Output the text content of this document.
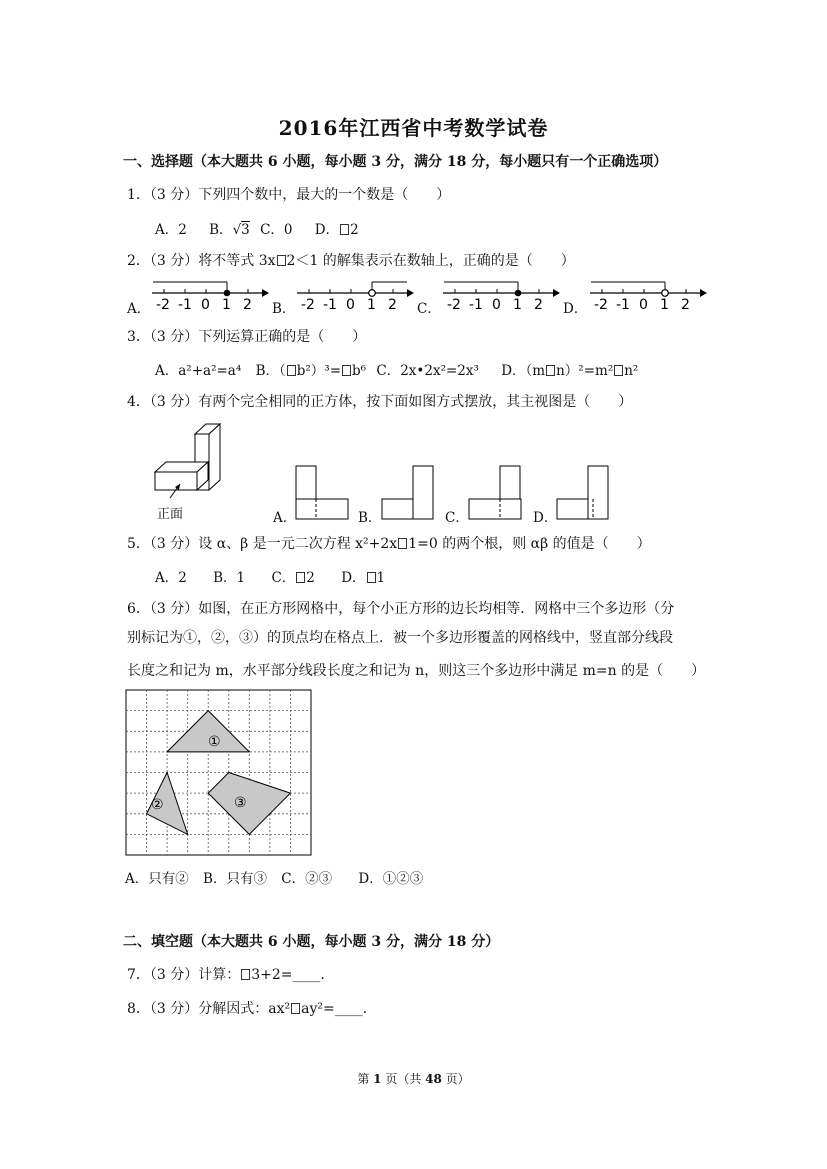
2016年江西省中考数学试卷
一、选择题（本大题共 6 小题，每小题 3 分，满分 18 分，每小题只有一个正确选项）
1．（3 分）下列四个数中，最大的一个数是（　　）
A．2 B．√3 C．0 D． 2
2．（3 分）将不等式 3x 2＜1 的解集表示在数轴上，正确的是（　　）
A．	B．	C．	D．
-2 -1 0 1 2	-2 -1 0 1 2	-2 -1 0 1 2	-2 -1 0 1 2
3．（3 分）下列运算正确的是（　　）
A．a²+a²=a⁴ B．（ b²）³= b⁶ C．2x•2x²=2x³ D．（m n）²=m² n²
4．（3 分）有两个完全相同的正方体，按下面如图方式摆放，其主视图是（　　）
正面	A．	B．	C．	D．
5．（3 分）设 α、β 是一元二次方程 x²+2x 1=0 的两个根，则 αβ 的值是（　　）
A．2 B．1 C． 2 D． 1
6．（3 分）如图，在正方形网格中，每个小正方形的边长均相等．网格中三个多边形（分
别标记为①，②，③）的顶点均在格点上．被一个多边形覆盖的网格线中，竖直部分线段
长度之和记为 m，水平部分线段长度之和记为 n，则这三个多边形中满足 m=n 的是（　　）
①
②	③
A．只有② B．只有③ C．②③ D．①②③
二、填空题（本大题共 6 小题，每小题 3 分，满分 18 分）
7．（3 分）计算： 3+2=____．
8．（3 分）分解因式：ax² ay²=____．
第 1 页（共 48 页）
